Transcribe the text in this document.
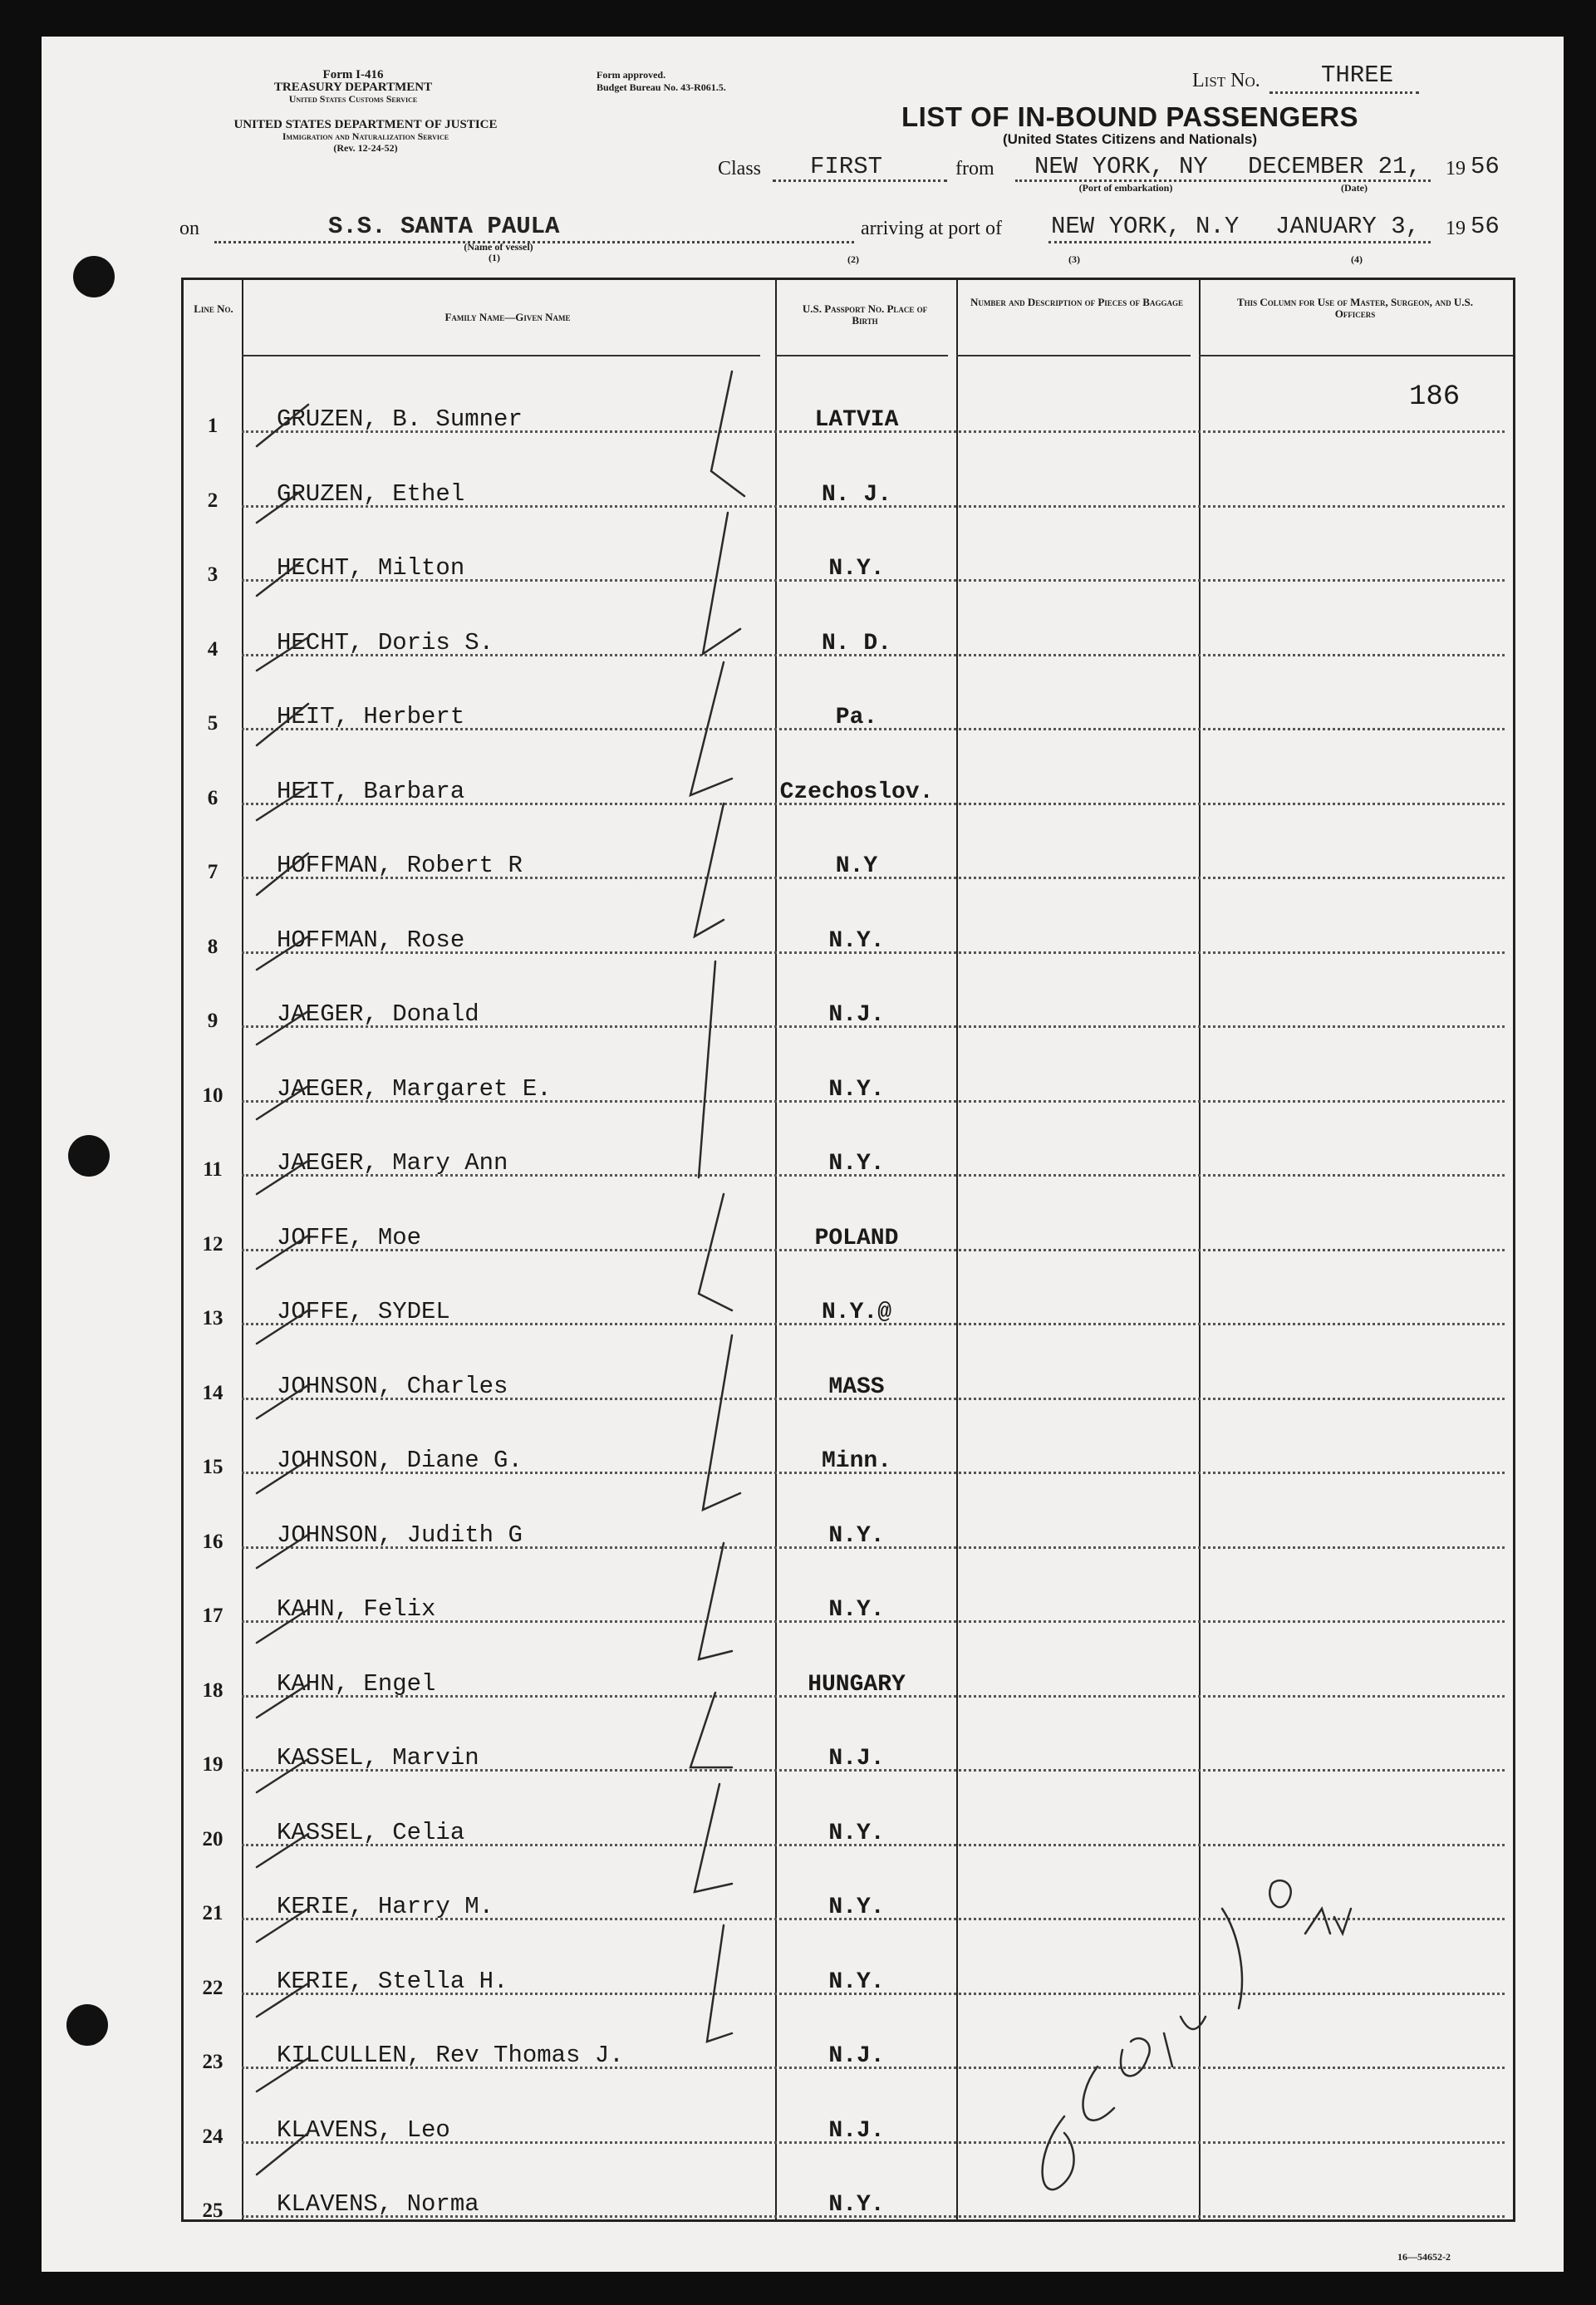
Form I-416
TREASURY DEPARTMENT
United States Customs Service
UNITED STATES DEPARTMENT OF JUSTICE
Immigration and Naturalization Service
(Rev. 12-24-52)
Form approved.
Budget Bureau No. 43-R061.5.	List No.	THREE
LIST OF IN-BOUND PASSENGERS
(United States Citizens and Nationals)
Class FIRST	from NEW YORK, NY DECEMBER 21, 19 56
(Port of embarkation)	(Date)
on	S.S. SANTA PAULA
(Name of vessel)
arriving at port of NEW YORK, N.Y JANUARY 3, 19 56
(1)	(2)	(3)	(4)
Line No.
Family Name—Given Name
U.S. Passport No. Place of Birth
Number and Description of Pieces of Baggage	This Column for Use of Master, Surgeon, and U.S. Officers
1	GRUZEN, B. Sumner	LATVIA
186
2	GRUZEN, Ethel	N. J.
3	HECHT, Milton	N.Y.
4	HECHT, Doris S.	N. D.
5	HEIT, Herbert	Pa.
6	HEIT, Barbara	Czechoslov.
7	HOFFMAN, Robert R	N.Y
8	HOFFMAN, Rose	N.Y.
9	JAEGER, Donald	N.J.
10	JAEGER, Margaret E.	N.Y.
11	JAEGER, Mary Ann	N.Y.
12	JOFFE, Moe	POLAND
13	JOFFE, SYDEL	N.Y.@
14	JOHNSON, Charles	MASS
15	JOHNSON, Diane G.	Minn.
16	JOHNSON, Judith G	N.Y.
17	KAHN, Felix	N.Y.
18	KAHN, Engel	HUNGARY
19	KASSEL, Marvin	N.J.
20	KASSEL, Celia	N.Y.
21	KERIE, Harry M.	N.Y.
22	KERIE, Stella H.	N.Y.
23	KILCULLEN, Rev Thomas J.	N.J.
24	KLAVENS, Leo	N.J.
25	KLAVENS, Norma	N.Y.
16—54652-2
